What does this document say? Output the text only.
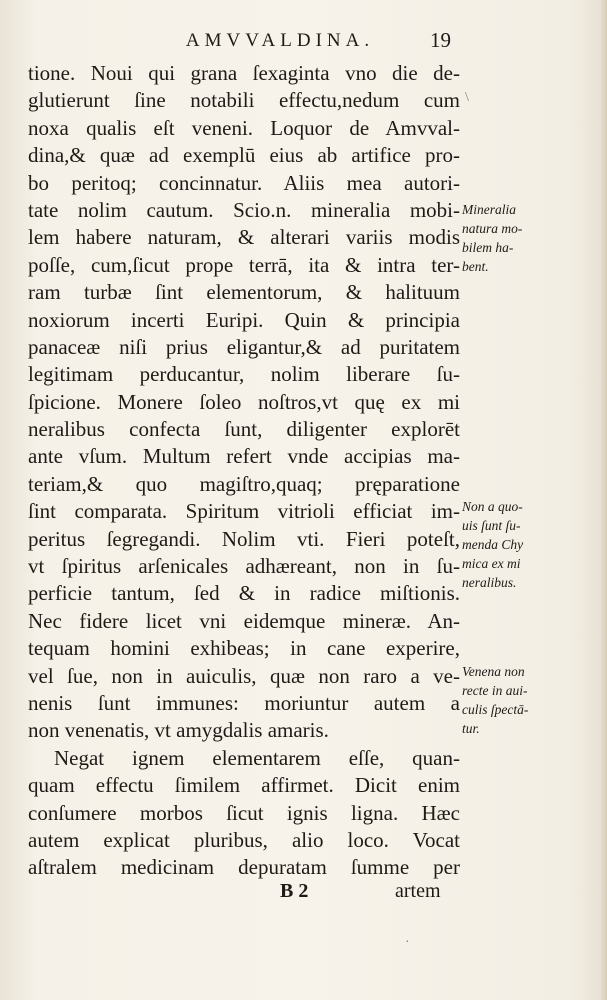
AMVVALDINA.	19
tione. Noui qui grana ſexaginta vno die de-
glutierunt ſine notabili effectu,nedum cum
noxa qualis eſt veneni. Loquor de Amvval-
dina,& quæ ad exemplū eius ab artifice pro-
bo peritoq; concinnatur. Aliis mea autori-
tate nolim cautum. Scio.n. mineralia mobi-
lem habere naturam, & alterari variis modis
poſſe, cum,ſicut prope terrā, ita & intra ter-
ram turbæ ſint elementorum, & halituum
noxiorum incerti Euripi. Quin & principia
panaceæ niſi prius eligantur,& ad puritatem
legitimam perducantur, nolim liberare ſu-
ſpicione. Monere ſoleo noſtros,vt quę ex mi
neralibus confecta ſunt, diligenter explorēt
ante vſum. Multum refert vnde accipias ma-
teriam,& quo magiſtro,quaq; pręparatione
ſint comparata. Spiritum vitrioli efficiat im-
peritus ſegregandi. Nolim vti. Fieri poteſt,
vt ſpiritus arſenicales adhæreant, non in ſu-
perficie tantum, ſed & in radice miſtionis.
Nec fidere licet vni eidemque mineræ. An-
tequam homini exhibeas; in cane experire,
vel ſue, non in auiculis, quæ non raro a ve-
nenis ſunt immunes: moriuntur autem a
non venenatis, vt amygdalis amaris.
Negat ignem elementarem eſſe, quan-
quam effectu ſimilem affirmet. Dicit enim
conſumere morbos ſicut ignis ligna. Hæc
autem explicat pluribus, alio loco. Vocat
aſtralem medicinam depuratam ſumme per
Mineralia
natura mo-
bilem ha-
bent.
Non a quo-
uis ſunt ſu-
menda Chy
mica ex mi
neralibus.
Venena non
recte in aui-
culis ſpectā-
tur.
B 2	artem
\
·
